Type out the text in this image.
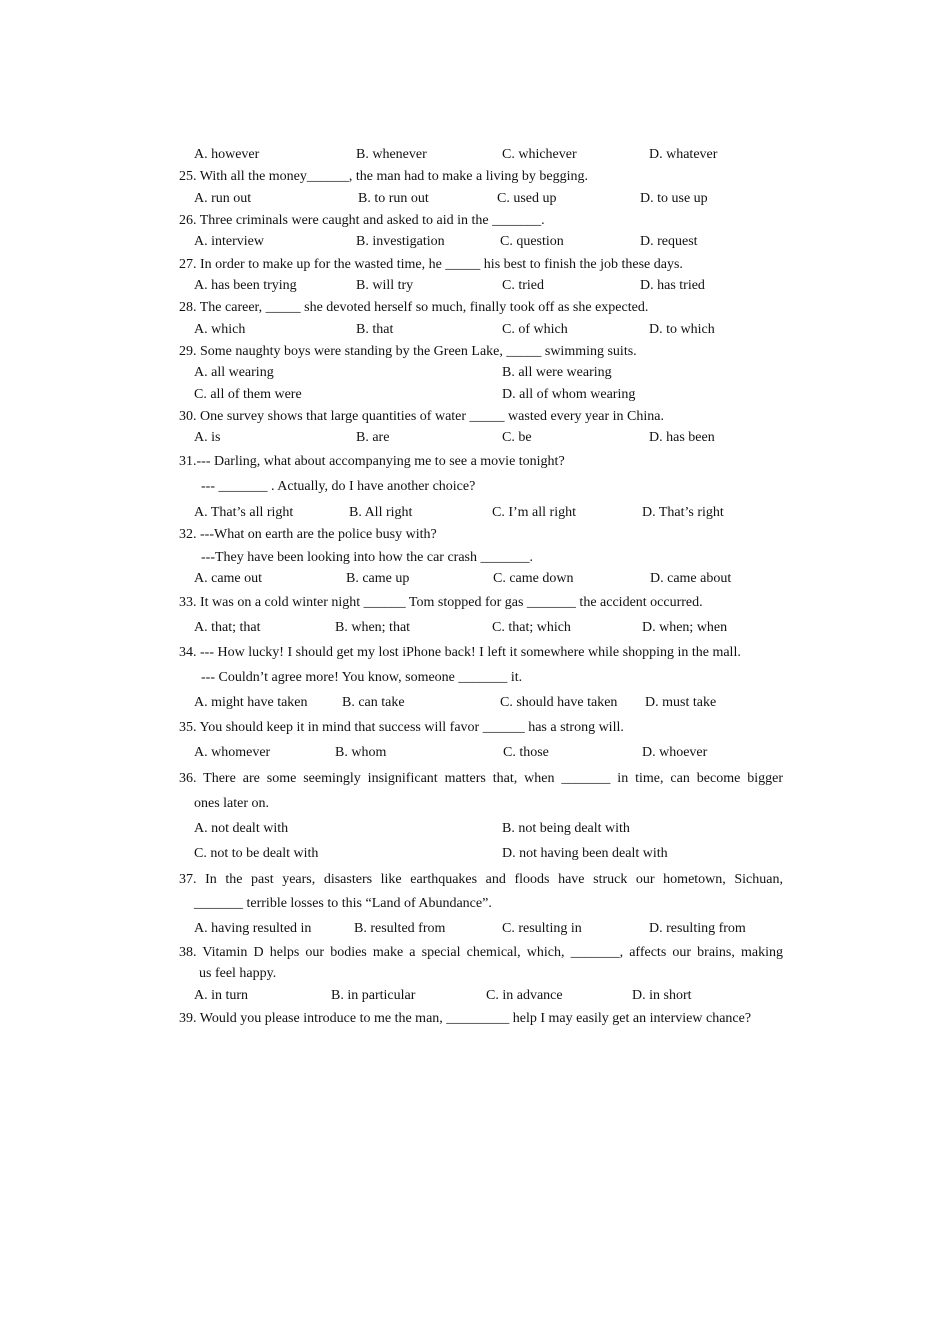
A. however	B. whenever	C. whichever	D. whatever
25. With all the money______, the man had to make a living by begging.
A. run out	B. to run out	C. used up	D. to use up
26. Three criminals were caught and asked to aid in the _______.
A. interview	B. investigation	C. question	D. request
27. In order to make up for the wasted time, he _____ his best to finish the job these days.
A. has been trying	B. will try	C. tried	D. has tried
28. The career, _____ she devoted herself so much, finally took off as she expected.
A. which	B. that	C. of which	D. to which
29. Some naughty boys were standing by the Green Lake, _____ swimming suits.
A. all wearing	B. all were wearing
C. all of them were	D. all of whom wearing
30. One survey shows that large quantities of water _____ wasted every year in China.
A. is	B. are	C. be	D. has been
31.--- Darling, what about accompanying me to see a movie tonight?
--- _______ . Actually, do I have another choice?
A. That’s all right	B. All right	C. I’m all right	D. That’s right
32. ---What on earth are the police busy with?
---They have been looking into how the car crash _______.
A. came out	B. came up	C. came down	D. came about
33. It was on a cold winter night ______ Tom stopped for gas _______ the accident occurred.
A. that; that	B. when; that	C. that; which	D. when; when
34. --- How lucky! I should get my lost iPhone back! I left it somewhere while shopping in the mall.
--- Couldn’t agree more! You know, someone _______ it.
A. might have taken B. can take	C. should have taken D. must take
35. You should keep it in mind that success will favor ______ has a strong will.
A. whomever	B. whom	C. those	D. whoever
36. There are some seemingly insignificant matters that, when _______ in time, can become bigger
ones later on.
A. not dealt with	B. not being dealt with
C. not to be dealt with	D. not having been dealt with
37. In the past years, disasters like earthquakes and floods have struck our hometown, Sichuan,
_______ terrible losses to this “Land of Abundance”.
A. having resulted in	B. resulted from	C. resulting in	D. resulting from
38. Vitamin D helps our bodies make a special chemical, which, _______, affects our brains, making
us feel happy.
A. in turn	B. in particular	C. in advance	D. in short
39. Would you please introduce to me the man, _________ help I may easily get an interview chance?
